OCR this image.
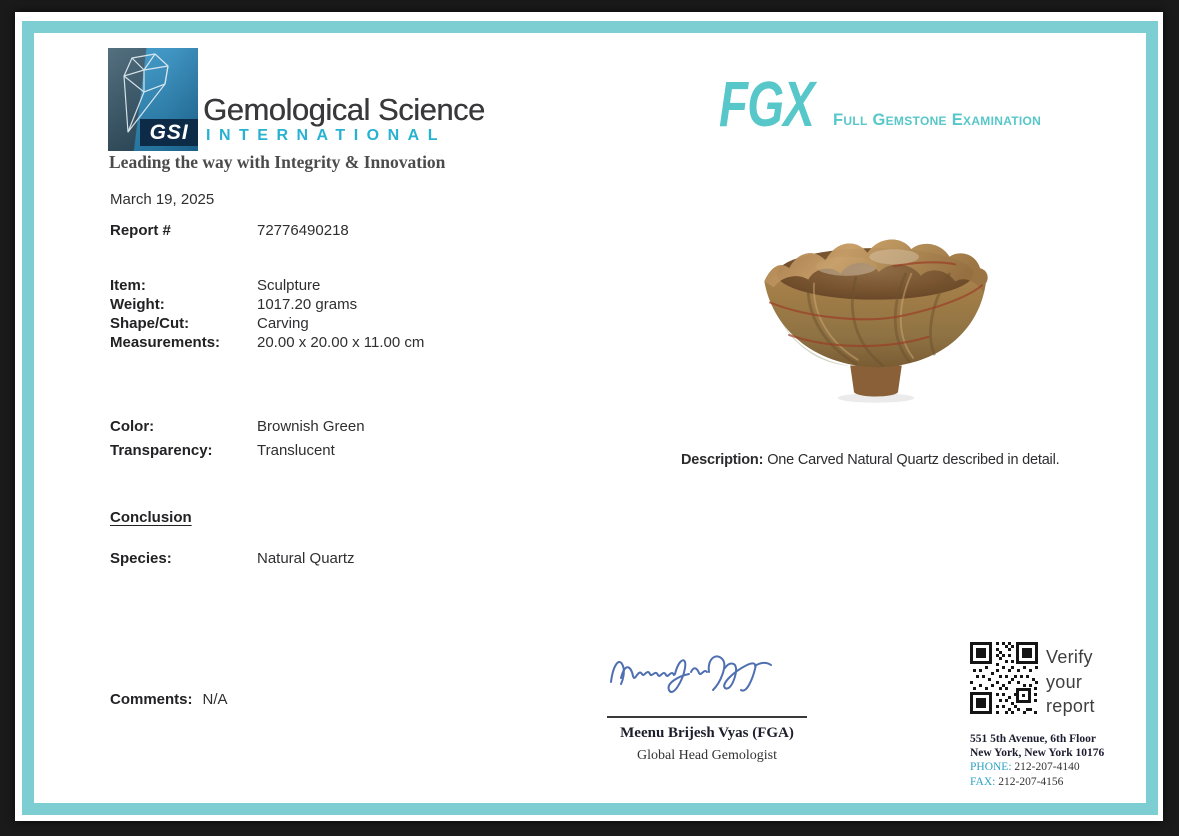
GSI
Gemological Science
INTERNATIONAL
Leading the way with Integrity & Innovation
FGX Full Gemstone Examination
March 19, 2025
Report #	72776490218
Item:	Sculpture
Weight:	1017.20 grams
Shape/Cut:	Carving
Measurements:	20.00 x 20.00 x 11.00 cm
Color:	Brownish Green
Transparency:	Translucent
Conclusion
Species:	Natural Quartz
Comments: N/A
Description: One Carved Natural Quartz described in detail.
Meenu Brijesh Vyas (FGA)
Global Head Gemologist
Verify
your
report
551 5th Avenue, 6th Floor
New York, New York 10176
PHONE: 212-207-4140
FAX: 212-207-4156
